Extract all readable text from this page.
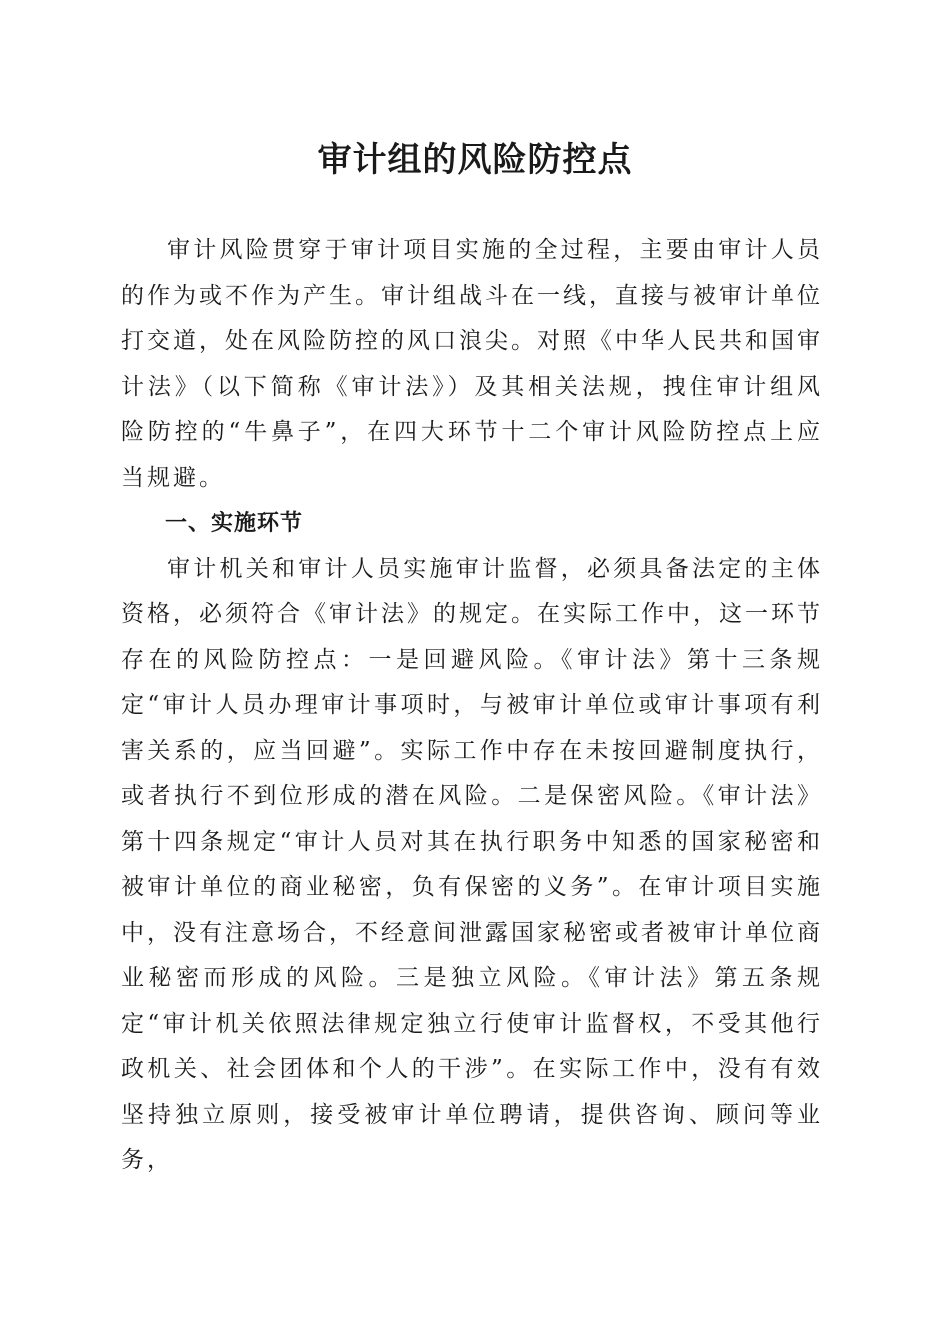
审计组的风险防控点

审计风险贯穿于审计项目实施的全过程，主要由审计人员的作为或不作为产生。审计组战斗在一线，直接与被审计单位打交道，处在风险防控的风口浪尖。对照《中华人民共和国审计法》（以下简称《审计法》）及其相关法规，拽住审计组风险防控的“牛鼻子”，在四大环节十二个审计风险防控点上应当规避。

一、实施环节

审计机关和审计人员实施审计监督，必须具备法定的主体资格，必须符合《审计法》的规定。在实际工作中，这一环节存在的风险防控点：一是回避风险。《审计法》第十三条规定“审计人员办理审计事项时，与被审计单位或审计事项有利害关系的，应当回避”。实际工作中存在未按回避制度执行，或者执行不到位形成的潜在风险。二是保密风险。《审计法》第十四条规定“审计人员对其在执行职务中知悉的国家秘密和被审计单位的商业秘密，负有保密的义务”。在审计项目实施中，没有注意场合，不经意间泄露国家秘密或者被审计单位商业秘密而形成的风险。三是独立风险。《审计法》第五条规定“审计机关依照法律规定独立行使审计监督权，不受其他行政机关、社会团体和个人的干涉”。在实际工作中，没有有效坚持独立原则，接受被审计单位聘请，提供咨询、顾问等业务，
